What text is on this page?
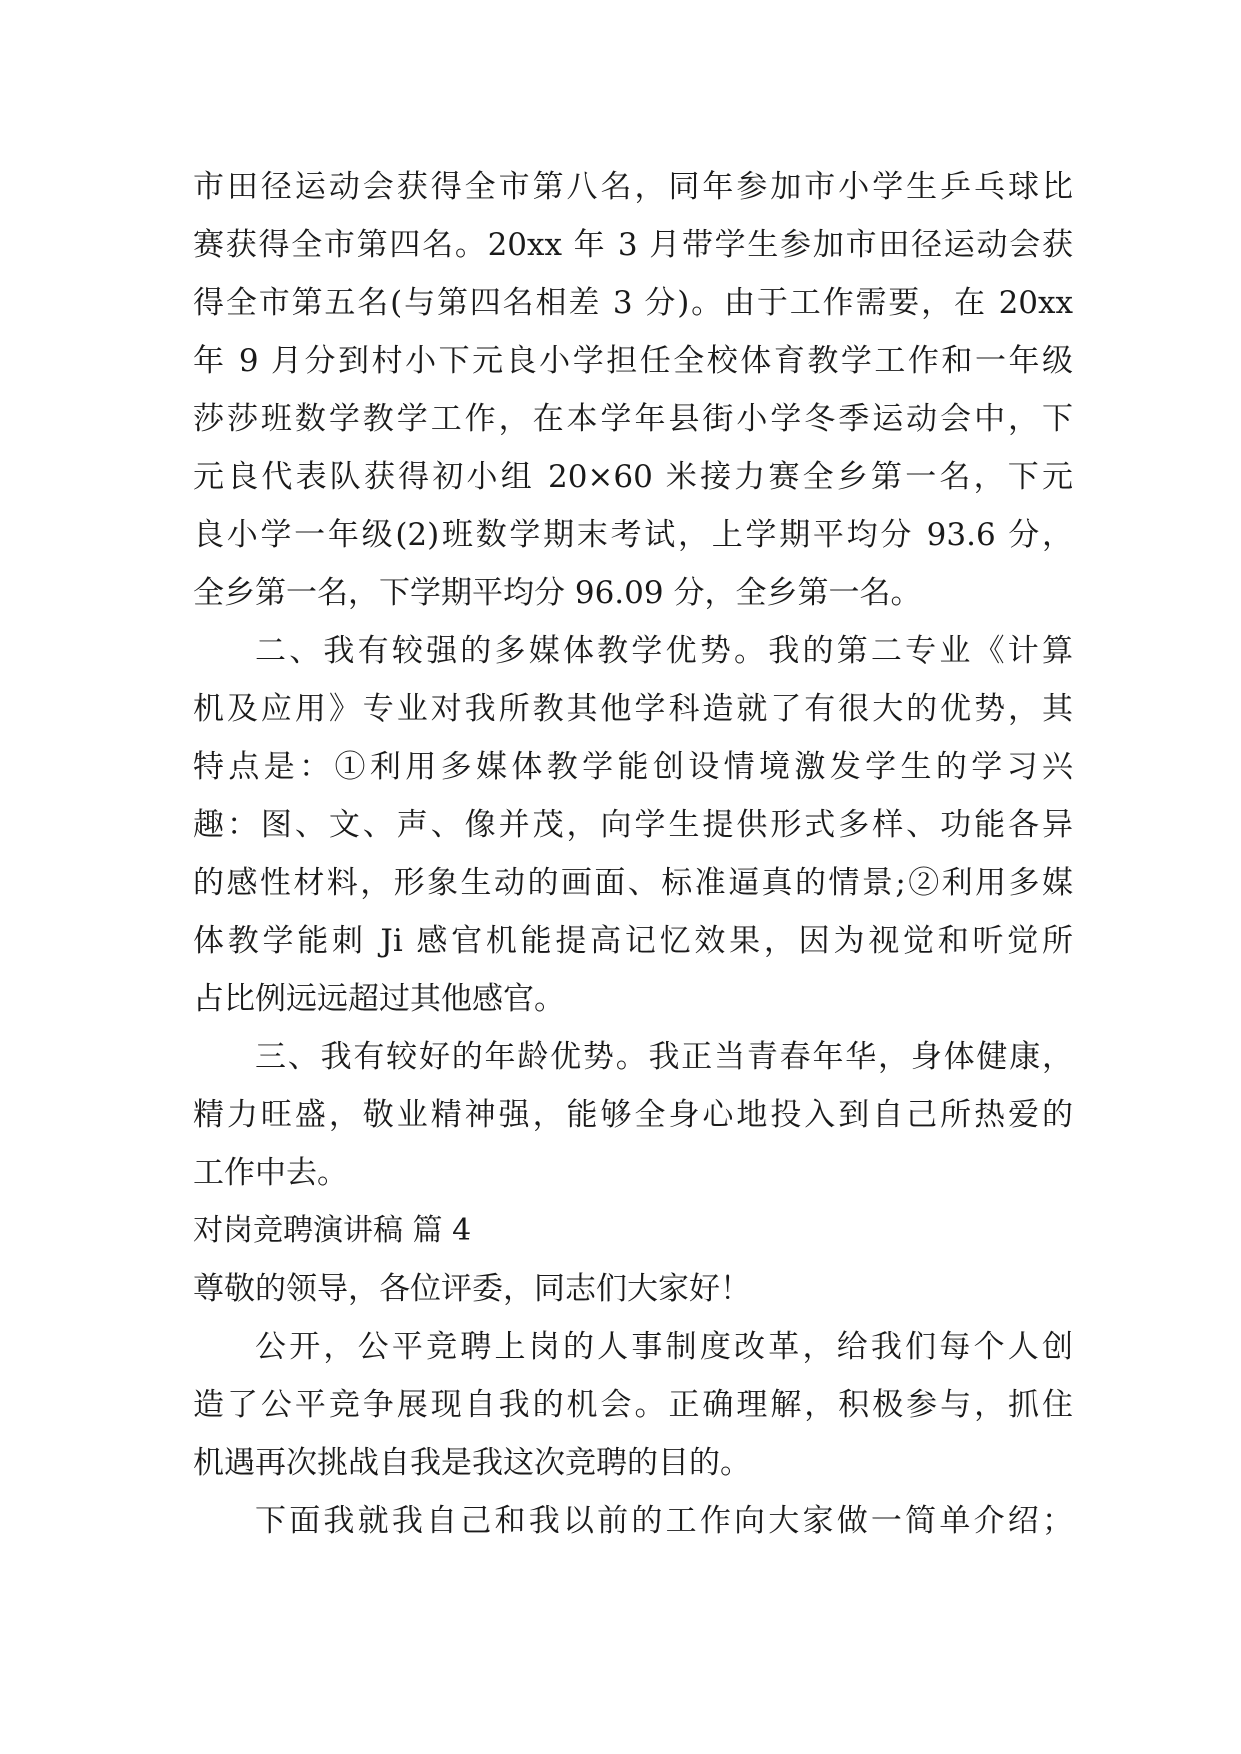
市田径运动会获得全市第八名，同年参加市小学生乒乓球比
赛获得全市第四名。20xx 年 3 月带学生参加市田径运动会获
得全市第五名(与第四名相差 3 分)。由于工作需要，在 20xx
年 9 月分到村小下元良小学担任全校体育教学工作和一年级
莎莎班数学教学工作，在本学年县街小学冬季运动会中，下
元良代表队获得初小组 20×60 米接力赛全乡第一名，下元
良小学一年级(2)班数学期末考试，上学期平均分 93.6 分，
全乡第一名，下学期平均分 96.09 分，全乡第一名。
二、我有较强的多媒体教学优势。我的第二专业《计算
机及应用》专业对我所教其他学科造就了有很大的优势，其
特点是：①利用多媒体教学能创设情境激发学生的学习兴
趣：图、文、声、像并茂，向学生提供形式多样、功能各异
的感性材料，形象生动的画面、标准逼真的情景;②利用多媒
体教学能刺 Ji 感官机能提高记忆效果，因为视觉和听觉所
占比例远远超过其他感官。
三、我有较好的年龄优势。我正当青春年华，身体健康，
精力旺盛，敬业精神强，能够全身心地投入到自己所热爱的
工作中去。
对岗竞聘演讲稿 篇 4
尊敬的领导，各位评委，同志们大家好！
公开，公平竞聘上岗的人事制度改革，给我们每个人创
造了公平竞争展现自我的机会。正确理解，积极参与，抓住
机遇再次挑战自我是我这次竞聘的目的。
下面我就我自己和我以前的工作向大家做一简单介绍；
